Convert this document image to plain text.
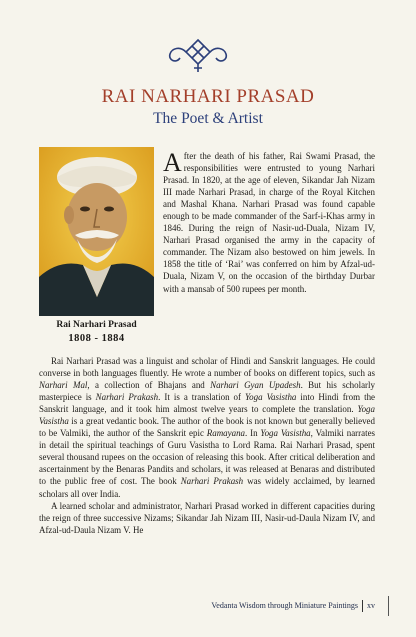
RAI NARHARI PRASAD
The Poet & Artist
Rai Narhari Prasad
1808 - 1884
After the death of his father, Rai Swami Prasad, the responsibilities were entrusted to young Narhari Prasad. In 1820, at the age of eleven, Sikandar Jah Nizam III made Narhari Prasad, in charge of the Royal Kitchen and Mashal Khana. Narhari Prasad was found capable enough to be made commander of the Sarf-i-Khas army in 1846. During the reign of Nasir-ud-Duala, Nizam IV, Narhari Prasad organised the army in the capacity of commander. The Nizam also bestowed on him jewels. In 1858 the title of ‘Rai’ was conferred on him by Afzal-ud-Duala, Nizam V, on the occasion of the birthday Durbar with a mansab of 500 rupees per month.

Rai Narhari Prasad was a linguist and scholar of Hindi and Sanskrit languages. He could converse in both languages fluently. He wrote a number of books on different topics, such as Narhari Mal, a collection of Bhajans and Narhari Gyan Upadesh. But his scholarly masterpiece is Narhari Prakash. It is a translation of Yoga Vasistha into Hindi from the Sanskrit language, and it took him almost twelve years to complete the translation. Yoga Vasistha is a great vedantic book. The author of the book is not known but generally believed to be Valmiki, the author of the Sanskrit epic Ramayana. In Yoga Vasistha, Valmiki narrates in detail the spiritual teachings of Guru Vasistha to Lord Rama. Rai Narhari Prasad, spent several thousand rupees on the occasion of releasing this book. After critical deliberation and ascertainment by the Benaras Pandits and scholars, it was released at Benaras and distributed to the public free of cost. The book Narhari Prakash was widely acclaimed, by learned scholars all over India.

A learned scholar and administrator, Narhari Prasad worked in different capacities during the reign of three successive Nizams; Sikandar Jah Nizam III, Nasir-ud-Daula Nizam IV, and Afzal-ud-Daula Nizam V. He

Vedanta Wisdom through Miniature Paintings xv
